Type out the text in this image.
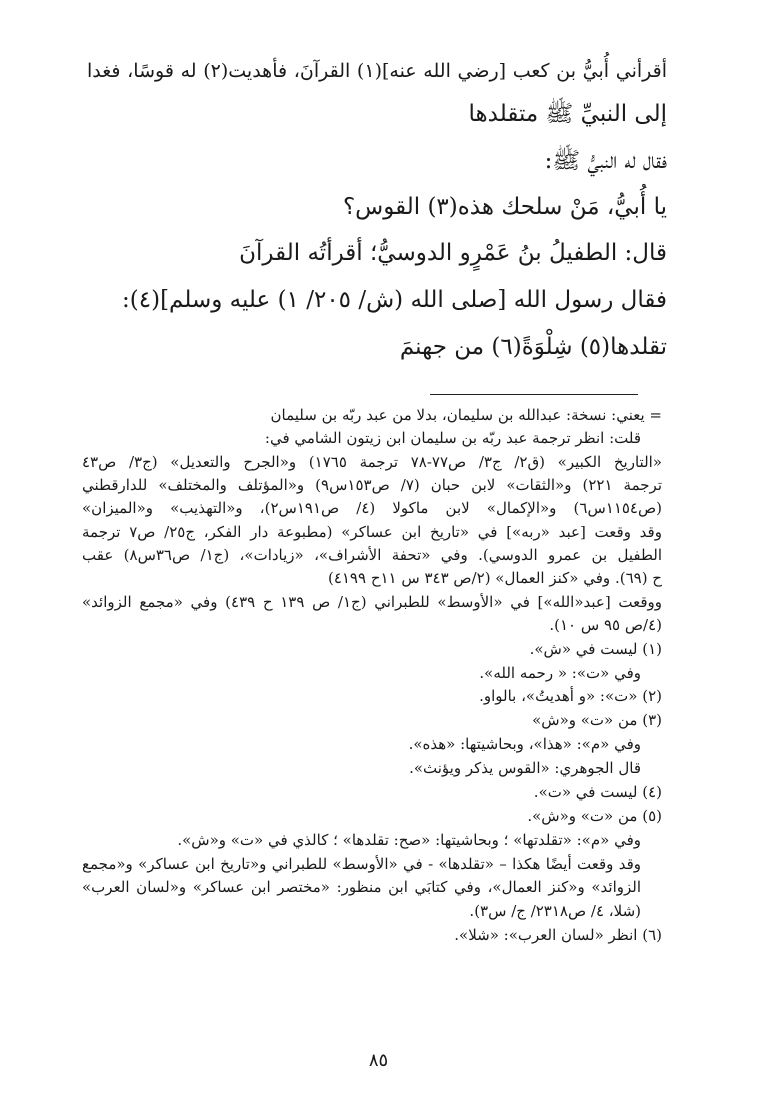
أقرأني أُبيُّ بن كعب [رضي الله عنه](١) القرآنَ، فأهديت(٢) له قوسًا، فغدا
إلى النبيِّ ﷺ متقلدها
فقال له النبيُّ ﷺ:
يا أُبيُّ، مَنْ سلحك هذه(٣) القوس؟
قال: الطفيلُ بنُ عَمْرٍو الدوسيُّ؛ أقرأتُه القرآنَ
فقال رسول الله [صلى الله (ش/ ٢٠٥/ ١) عليه وسلم](٤):
تقلدها(٥) شِلْوَةً(٦) من جهنمَ
= يعني: نسخة: عبدالله بن سليمان، بدلا من عبد ربّه بن سليمان
قلت: انظر ترجمة عبد ربّه بن سليمان ابن زيتون الشامي في:
«التاريخ الكبير» (ق٢/ ج٣/ ص٧٧-٧٨ ترجمة ١٧٦٥) و«الجرح والتعديل» (ج٣/ ص٤٣
ترجمة ٢٢١) و«الثقات» لابن حبان (٧/ ص١٥٣س٩) و«المؤتلف والمختلف» للدارقطني
(ص١١٥٤س٦) و«الإكمال» لابن ماكولا (٤/ ص١٩١س٢)، و«التهذيب» و«الميزان»
وقد وقعت [عبد «ربه»] في «تاريخ ابن عساكر» (مطبوعة دار الفكر، ج٢٥/ ص٧ ترجمة
الطفيل بن عمرو الدوسي). وفي «تحفة الأشراف»، «زيادات»، (ج١/ ص٣٦س٨) عقب
ح (٦٩). وفي «كنز العمال» (٢/ص ٣٤٣ س ١١ح ٤١٩٩)
ووقعت [عبد«الله»] في «الأوسط» للطبراني (ج١/ ص ١٣٩ ح ٤٣٩) وفي «مجمع الزوائد»
(٤/ص ٩٥ س ١٠).
(١) ليست في «ش».
وفي «ت»: « رحمه الله».
(٢) «ت»: «و أهديتُ»، بالواو.
(٣) من «ت» و«ش»
وفي «م»: «هذا»، وبحاشيتها: «هذه».
قال الجوهري: «القوس يذكر ويؤنث».
(٤) ليست في «ت».
(٥) من «ت» و«ش».
وفي «م»: «تقلدتها» ؛ وبحاشيتها: «صح: تقلدها» ؛ كالذي في «ت» و«ش».
وقد وقعت أيضًا هكذا – «تقلدها» - في «الأوسط» للطبراني و«تاريخ ابن عساكر» و«مجمع
الزوائد» و«كنز العمال»، وفي كتابَي ابن منظور: «مختصر ابن عساكر» و«لسان العرب»
(شلا، ٤/ ص٢٣١٨/ ج/ س٣).
(٦) انظر «لسان العرب»: «شلا».
٨٥
